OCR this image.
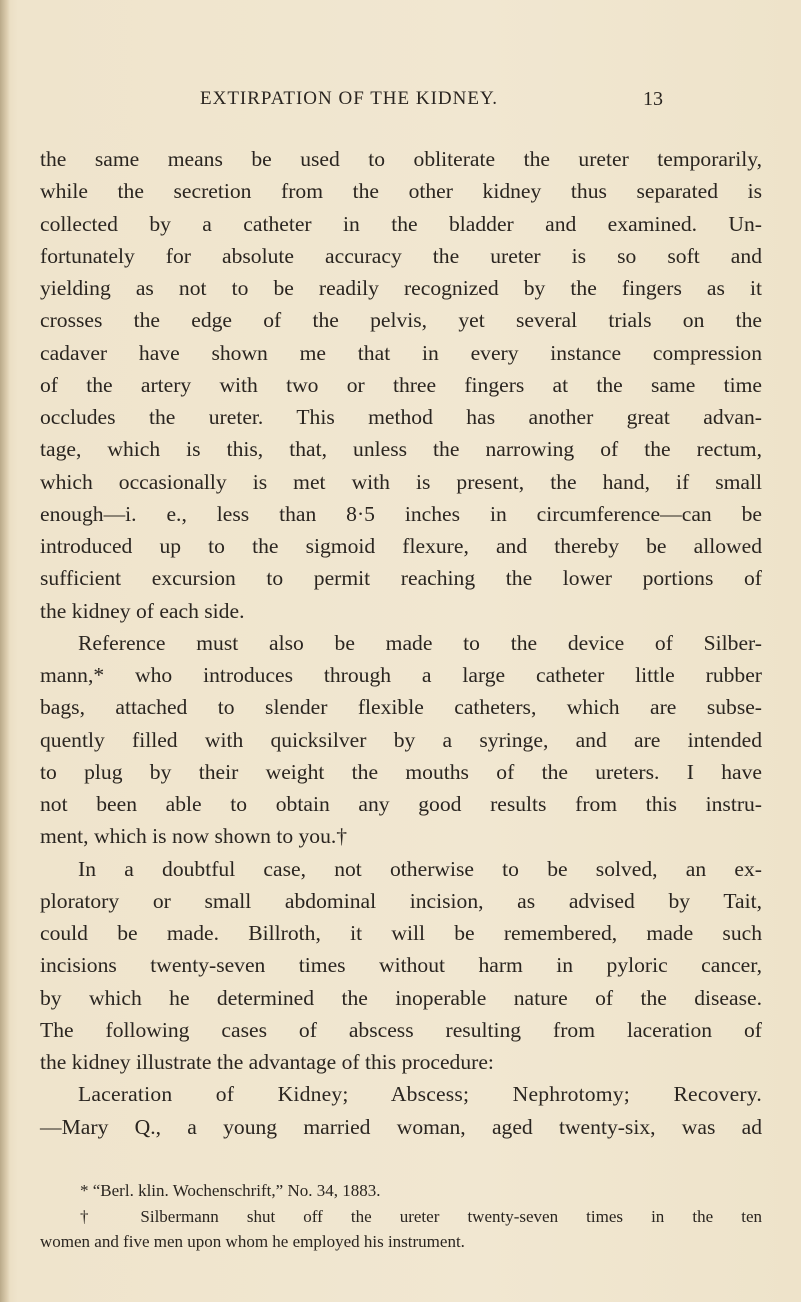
EXTIRPATION OF THE KIDNEY.	13
the same means be used to obliterate the ureter temporarily,
while the secretion from the other kidney thus separated is
collected by a catheter in the bladder and examined. Un-
fortunately for absolute accuracy the ureter is so soft and
yielding as not to be readily recognized by the fingers as it
crosses the edge of the pelvis, yet several trials on the
cadaver have shown me that in every instance compression
of the artery with two or three fingers at the same time
occludes the ureter. This method has another great advan-
tage, which is this, that, unless the narrowing of the rectum,
which occasionally is met with is present, the hand, if small
enough—i. e., less than 8·5 inches in circumference—can be
introduced up to the sigmoid flexure, and thereby be allowed
sufficient excursion to permit reaching the lower portions of
the kidney of each side.
Reference must also be made to the device of Silber-
mann,* who introduces through a large catheter little rubber
bags, attached to slender flexible catheters, which are subse-
quently filled with quicksilver by a syringe, and are intended
to plug by their weight the mouths of the ureters. I have
not been able to obtain any good results from this instru-
ment, which is now shown to you.†
In a doubtful case, not otherwise to be solved, an ex-
ploratory or small abdominal incision, as advised by Tait,
could be made. Billroth, it will be remembered, made such
incisions twenty-seven times without harm in pyloric cancer,
by which he determined the inoperable nature of the disease.
The following cases of abscess resulting from laceration of
the kidney illustrate the advantage of this procedure:
Laceration of Kidney; Abscess; Nephrotomy; Recovery.
—Mary Q., a young married woman, aged twenty-six, was ad
* “Berl. klin. Wochenschrift,” No. 34, 1883.
† Silbermann shut off the ureter twenty-seven times in the ten
women and five men upon whom he employed his instrument.
